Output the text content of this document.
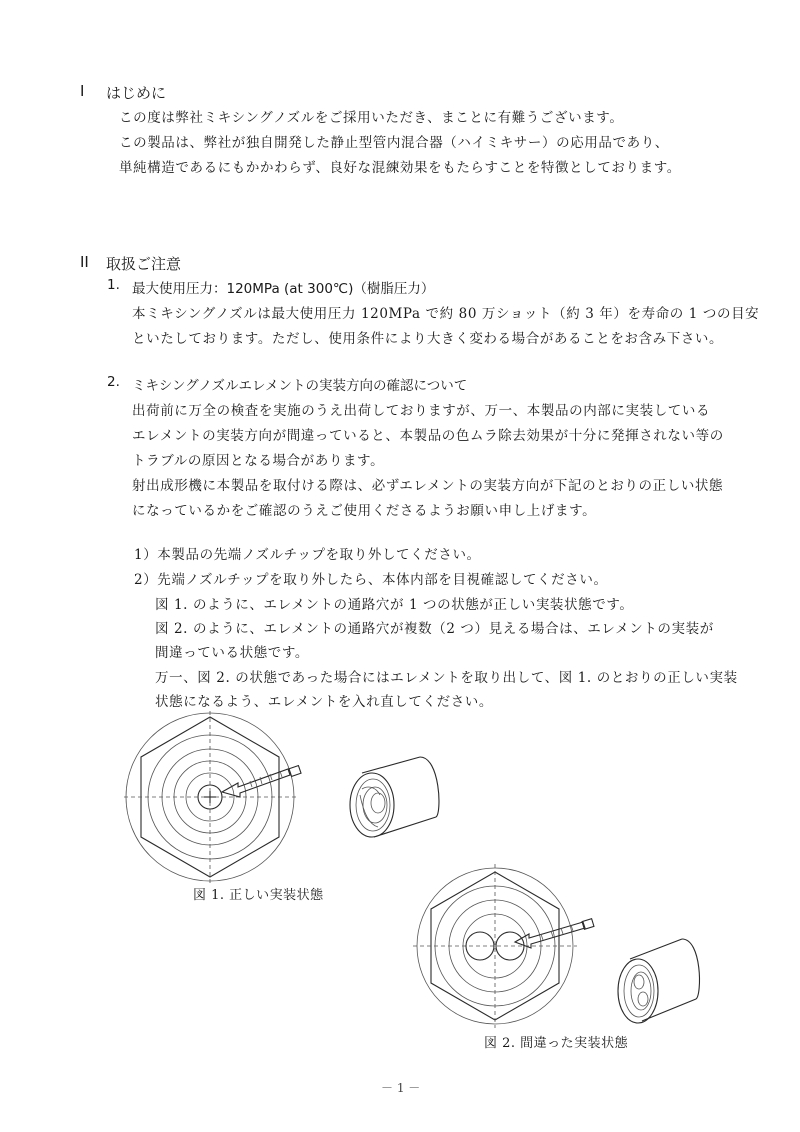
I はじめに
この度は弊社ミキシングノズルをご採用いただき、まことに有難うございます。
この製品は、弊社が独自開発した静止型管内混合器（ハイミキサー）の応用品であり、
単純構造であるにもかかわらず、良好な混練効果をもたらすことを特徴としております。
II 取扱ご注意
1. 最大使用圧力：120MPa (at 300℃)（樹脂圧力）
本ミキシングノズルは最大使用圧力 120MPa で約 80 万ショット（約 3 年）を寿命の 1 つの目安
といたしております。ただし、使用条件により大きく変わる場合があることをお含み下さい。
2. ミキシングノズルエレメントの実装方向の確認について
出荷前に万全の検査を実施のうえ出荷しておりますが、万一、本製品の内部に実装している
エレメントの実装方向が間違っていると、本製品の色ムラ除去効果が十分に発揮されない等の
トラブルの原因となる場合があります。
射出成形機に本製品を取付ける際は、必ずエレメントの実装方向が下記のとおりの正しい状態
になっているかをご確認のうえご使用くださるようお願い申し上げます。
1）本製品の先端ノズルチップを取り外してください。
2）先端ノズルチップを取り外したら、本体内部を目視確認してください。
図 1. のように、エレメントの通路穴が 1 つの状態が正しい実装状態です。
図 2. のように、エレメントの通路穴が複数（2 つ）見える場合は、エレメントの実装が
間違っている状態です。
万一、図 2. の状態であった場合にはエレメントを取り出して、図 1. のとおりの正しい実装
状態になるよう、エレメントを入れ直してください。
図 1. 正しい実装状態
図 2. 間違った実装状態
－ 1 －
